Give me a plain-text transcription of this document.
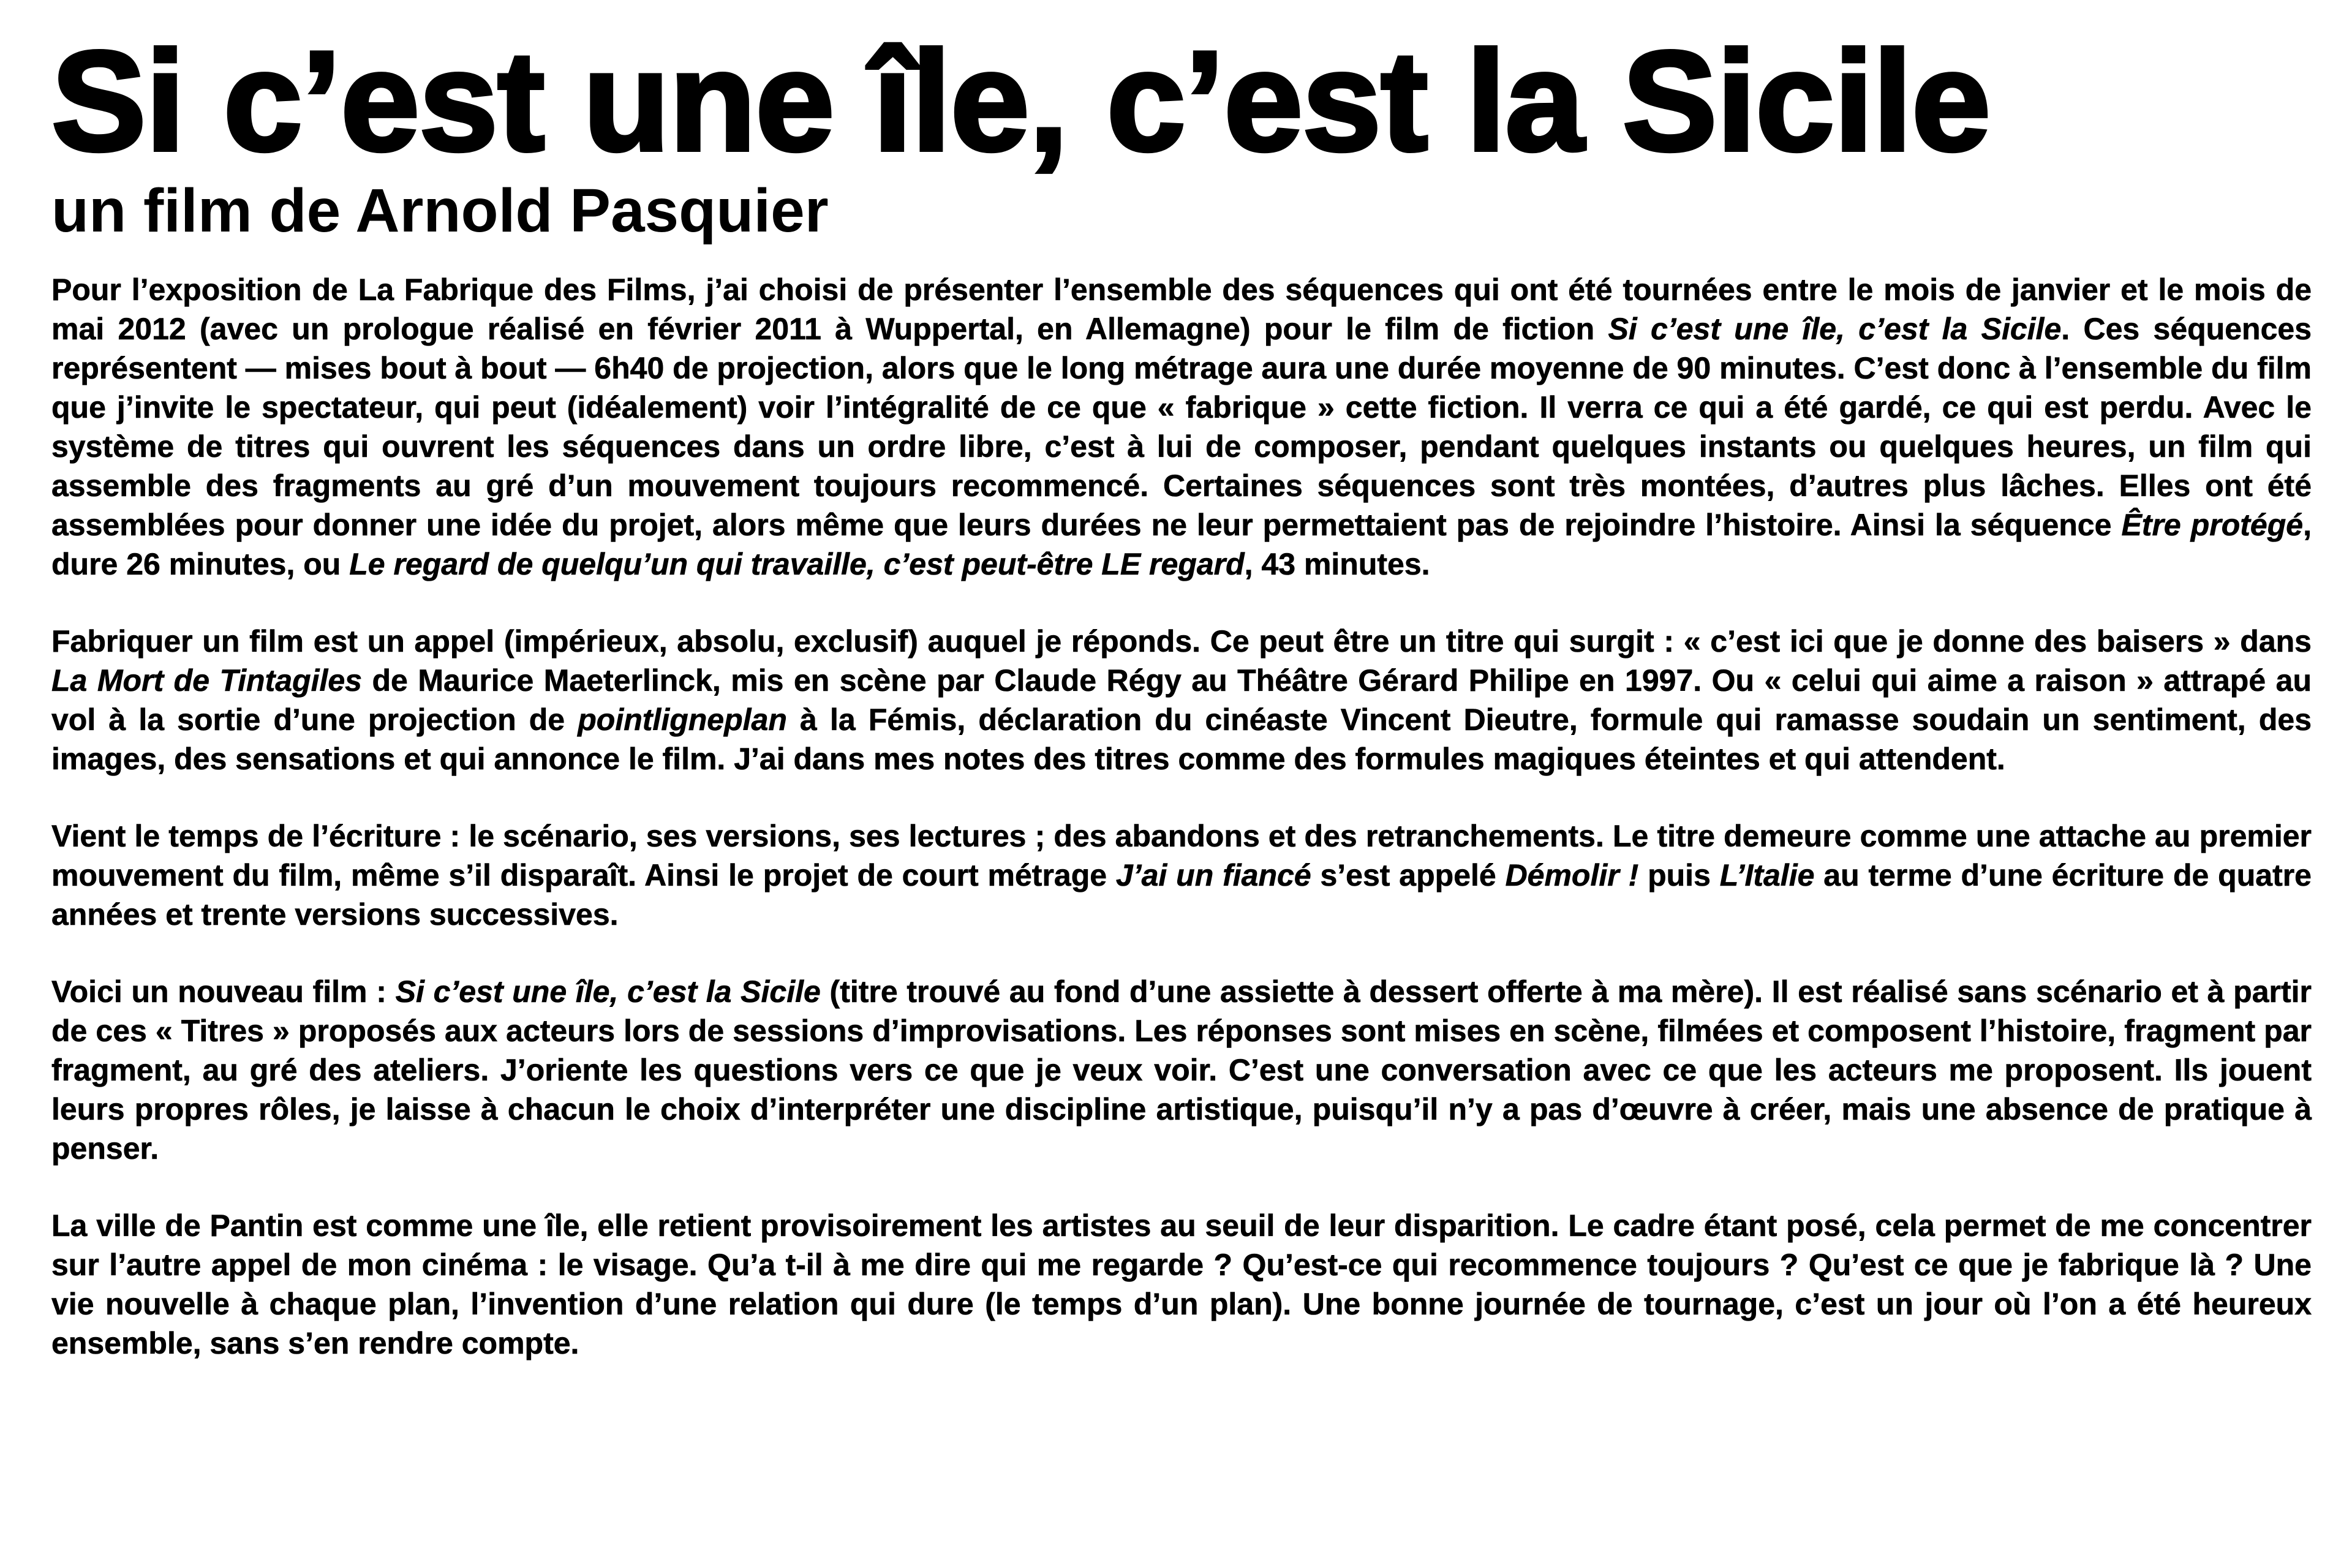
Si c’est une île, c’est la Sicile
un film de Arnold Pasquier

Pour l’exposition de La Fabrique des Films, j’ai choisi de présenter l’ensemble des séquences qui ont été tournées entre le mois de janvier et le mois de mai 2012 (avec un prologue réalisé en février 2011 à Wuppertal, en Allemagne) pour le film de fiction Si c’est une île, c’est la Sicile. Ces séquences représentent — mises bout à bout — 6h40 de projection, alors que le long métrage aura une durée moyenne de 90 minutes. C’est donc à l’ensemble du film que j’invite le spectateur, qui peut (idéalement) voir l’intégralité de ce que « fabrique » cette fiction. Il verra ce qui a été gardé, ce qui est perdu. Avec le système de titres qui ouvrent les séquences dans un ordre libre, c’est à lui de composer, pendant quelques instants ou quelques heures, un film qui assemble des fragments au gré d’un mouvement toujours recommencé. Certaines séquences sont très montées, d’autres plus lâches. Elles ont été assemblées pour donner une idée du projet, alors même que leurs durées ne leur permettaient pas de rejoindre l’histoire. Ainsi la séquence Être protégé, dure 26 minutes, ou Le regard de quelqu’un qui travaille, c’est peut-être LE regard, 43 minutes.

Fabriquer un film est un appel (impérieux, absolu, exclusif) auquel je réponds. Ce peut être un titre qui surgit : « c’est ici que je donne des baisers » dans La Mort de Tintagiles de Maurice Maeterlinck, mis en scène par Claude Régy au Théâtre Gérard Philipe en 1997. Ou « celui qui aime a raison » attrapé au vol à la sortie d’une projection de pointligneplan à la Fémis, déclaration du cinéaste Vincent Dieutre, formule qui ramasse soudain un sentiment, des images, des sensations et qui annonce le film. J’ai dans mes notes des titres comme des formules magiques éteintes et qui attendent.

Vient le temps de l’écriture : le scénario, ses versions, ses lectures ; des abandons et des retranchements. Le titre demeure comme une attache au premier mouvement du film, même s’il disparaît. Ainsi le projet de court métrage J’ai un fiancé s’est appelé Démolir ! puis L’Italie au terme d’une écriture de quatre années et trente versions successives.

Voici un nouveau film : Si c’est une île, c’est la Sicile (titre trouvé au fond d’une assiette à dessert offerte à ma mère). Il est réalisé sans scénario et à partir de ces « Titres » proposés aux acteurs lors de sessions d’improvisations. Les réponses sont mises en scène, filmées et composent l’histoire, fragment par fragment, au gré des ateliers. J’oriente les questions vers ce que je veux voir. C’est une conversation avec ce que les acteurs me proposent. Ils jouent leurs propres rôles, je laisse à chacun le choix d’interpréter une discipline artistique, puisqu’il n’y a pas d’œuvre à créer, mais une absence de pratique à penser.

La ville de Pantin est comme une île, elle retient provisoirement les artistes au seuil de leur disparition. Le cadre étant posé, cela permet de me concentrer sur l’autre appel de mon cinéma : le visage. Qu’a t-il à me dire qui me regarde ? Qu’est-ce qui recommence toujours ? Qu’est ce que je fabrique là ? Une vie nouvelle à chaque plan, l’invention d’une relation qui dure (le temps d’un plan). Une bonne journée de tournage, c’est un jour où l’on a été heureux ensemble, sans s’en rendre compte.
